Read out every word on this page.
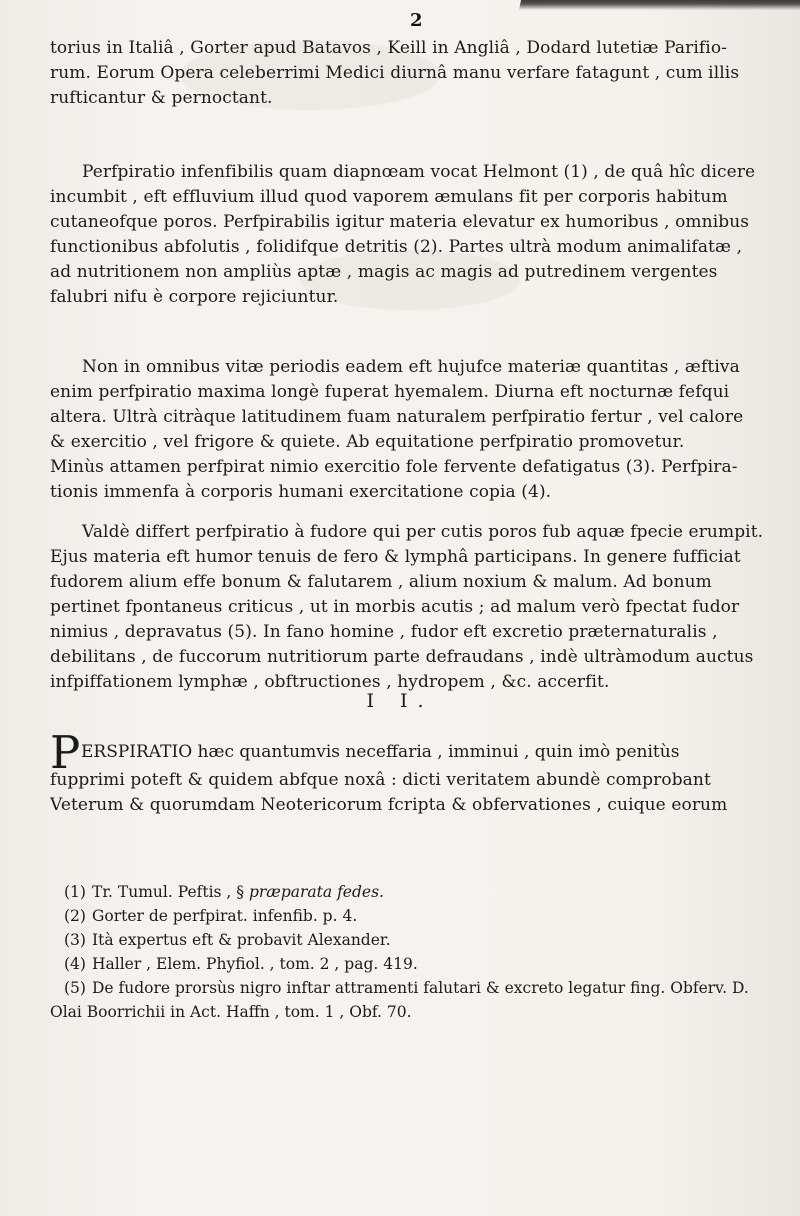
2
torius in Italiâ , Gorter apud Batavos , Keill in Angliâ , Dodard lutetiæ Parifio-
rum. Eorum Opera celeberrimi Medici diurnâ manu verfare fatagunt , cum illis
rufticantur & pernoctant.
Perfpiratio infenfibilis quam diapnœam vocat Helmont (1) , de quâ hîc dicere
incumbit , eft effluvium illud quod vaporem æmulans fit per corporis habitum
cutaneofque poros. Perfpirabilis igitur materia elevatur ex humoribus , omnibus
functionibus abfolutis , folidifque detritis (2). Partes ultrà modum animalifatæ ,
ad nutritionem non ampliùs aptæ , magis ac magis ad putredinem vergentes
falubri nifu è corpore rejiciuntur.
Non in omnibus vitæ periodis eadem eft hujufce materiæ quantitas , æftiva
enim perfpiratio maxima longè fuperat hyemalem. Diurna eft nocturnæ fefqui
altera. Ultrà citràque latitudinem fuam naturalem perfpiratio fertur , vel calore
& exercitio , vel frigore & quiete. Ab equitatione perfpiratio promovetur.
Minùs attamen perfpirat nimio exercitio fole fervente defatigatus (3). Perfpira-
tionis immenfa à corporis humani exercitatione copia (4).
Valdè differt perfpiratio à fudore qui per cutis poros fub aquæ fpecie erumpit.
Ejus materia eft humor tenuis de fero & lymphâ participans. In genere fufficiat
fudorem alium effe bonum & falutarem , alium noxium & malum. Ad bonum
pertinet fpontaneus criticus , ut in morbis acutis ; ad malum verò fpectat fudor
nimius , depravatus (5). In fano homine , fudor eft excretio præternaturalis ,
debilitans , de fuccorum nutritiorum parte defraudans , indè ultràmodum auctus
infpiffationem lymphæ , obftructiones , hydropem , &c. accerfit.
I I.
P ERSPIRATIO hæc quantumvis neceffaria , imminui , quin imò penitùs
fupprimi poteft & quidem abfque noxâ : dicti veritatem abundè comprobant
Veterum & quorumdam Neotericorum fcripta & obfervationes , cuique eorum
(1) Tr. Tumul. Peftis , § præparata fedes.
(2) Gorter de perfpirat. infenfib. p. 4.
(3) Ità expertus eft & probavit Alexander.
(4) Haller , Elem. Phyfiol. , tom. 2 , pag. 419.
(5) De fudore prorsùs nigro inftar attramenti falutari & excreto legatur fing. Obferv. D.
Olai Boorrichii in Act. Haffn , tom. 1 , Obf. 70.
